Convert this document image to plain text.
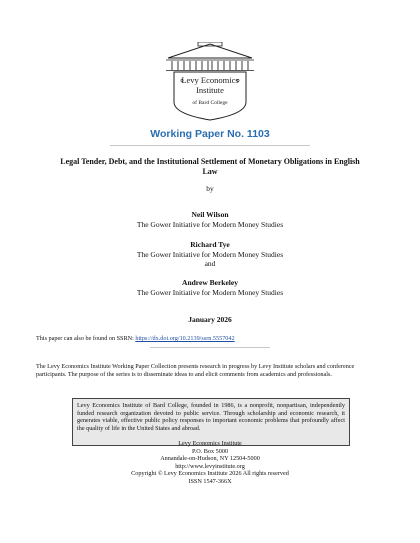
Levy Economics
Institute
of Bard College
Working Paper No. 1103
Legal Tender, Debt, and the Institutional Settlement of Monetary Obligations in English Law
by
Neil Wilson
The Gower Initiative for Modern Money Studies
Richard Tye
The Gower Initiative for Modern Money Studies
and
Andrew Berkeley
The Gower Initiative for Modern Money Studies
January 2026
This paper can also be found on SSRN: https://dx.doi.org/10.2139/ssrn.5557042
The Levy Economics Institute Working Paper Collection presents research in progress by Levy Institute scholars and conference participants. The purpose of the series is to disseminate ideas to and elicit comments from academics and professionals.
Levy Economics Institute of Bard College, founded in 1986, is a nonprofit, nonpartisan, independently funded research organization devoted to public service. Through scholarship and economic research, it generates viable, effective public policy responses to important economic problems that profoundly affect the quality of life in the United States and abroad.
Levy Economics Institute
P.O. Box 5000
Annandale-on-Hudson, NY 12504-5000
http://www.levyinstitute.org
Copyright © Levy Economics Institute 2026 All rights reserved
ISSN 1547-366X
